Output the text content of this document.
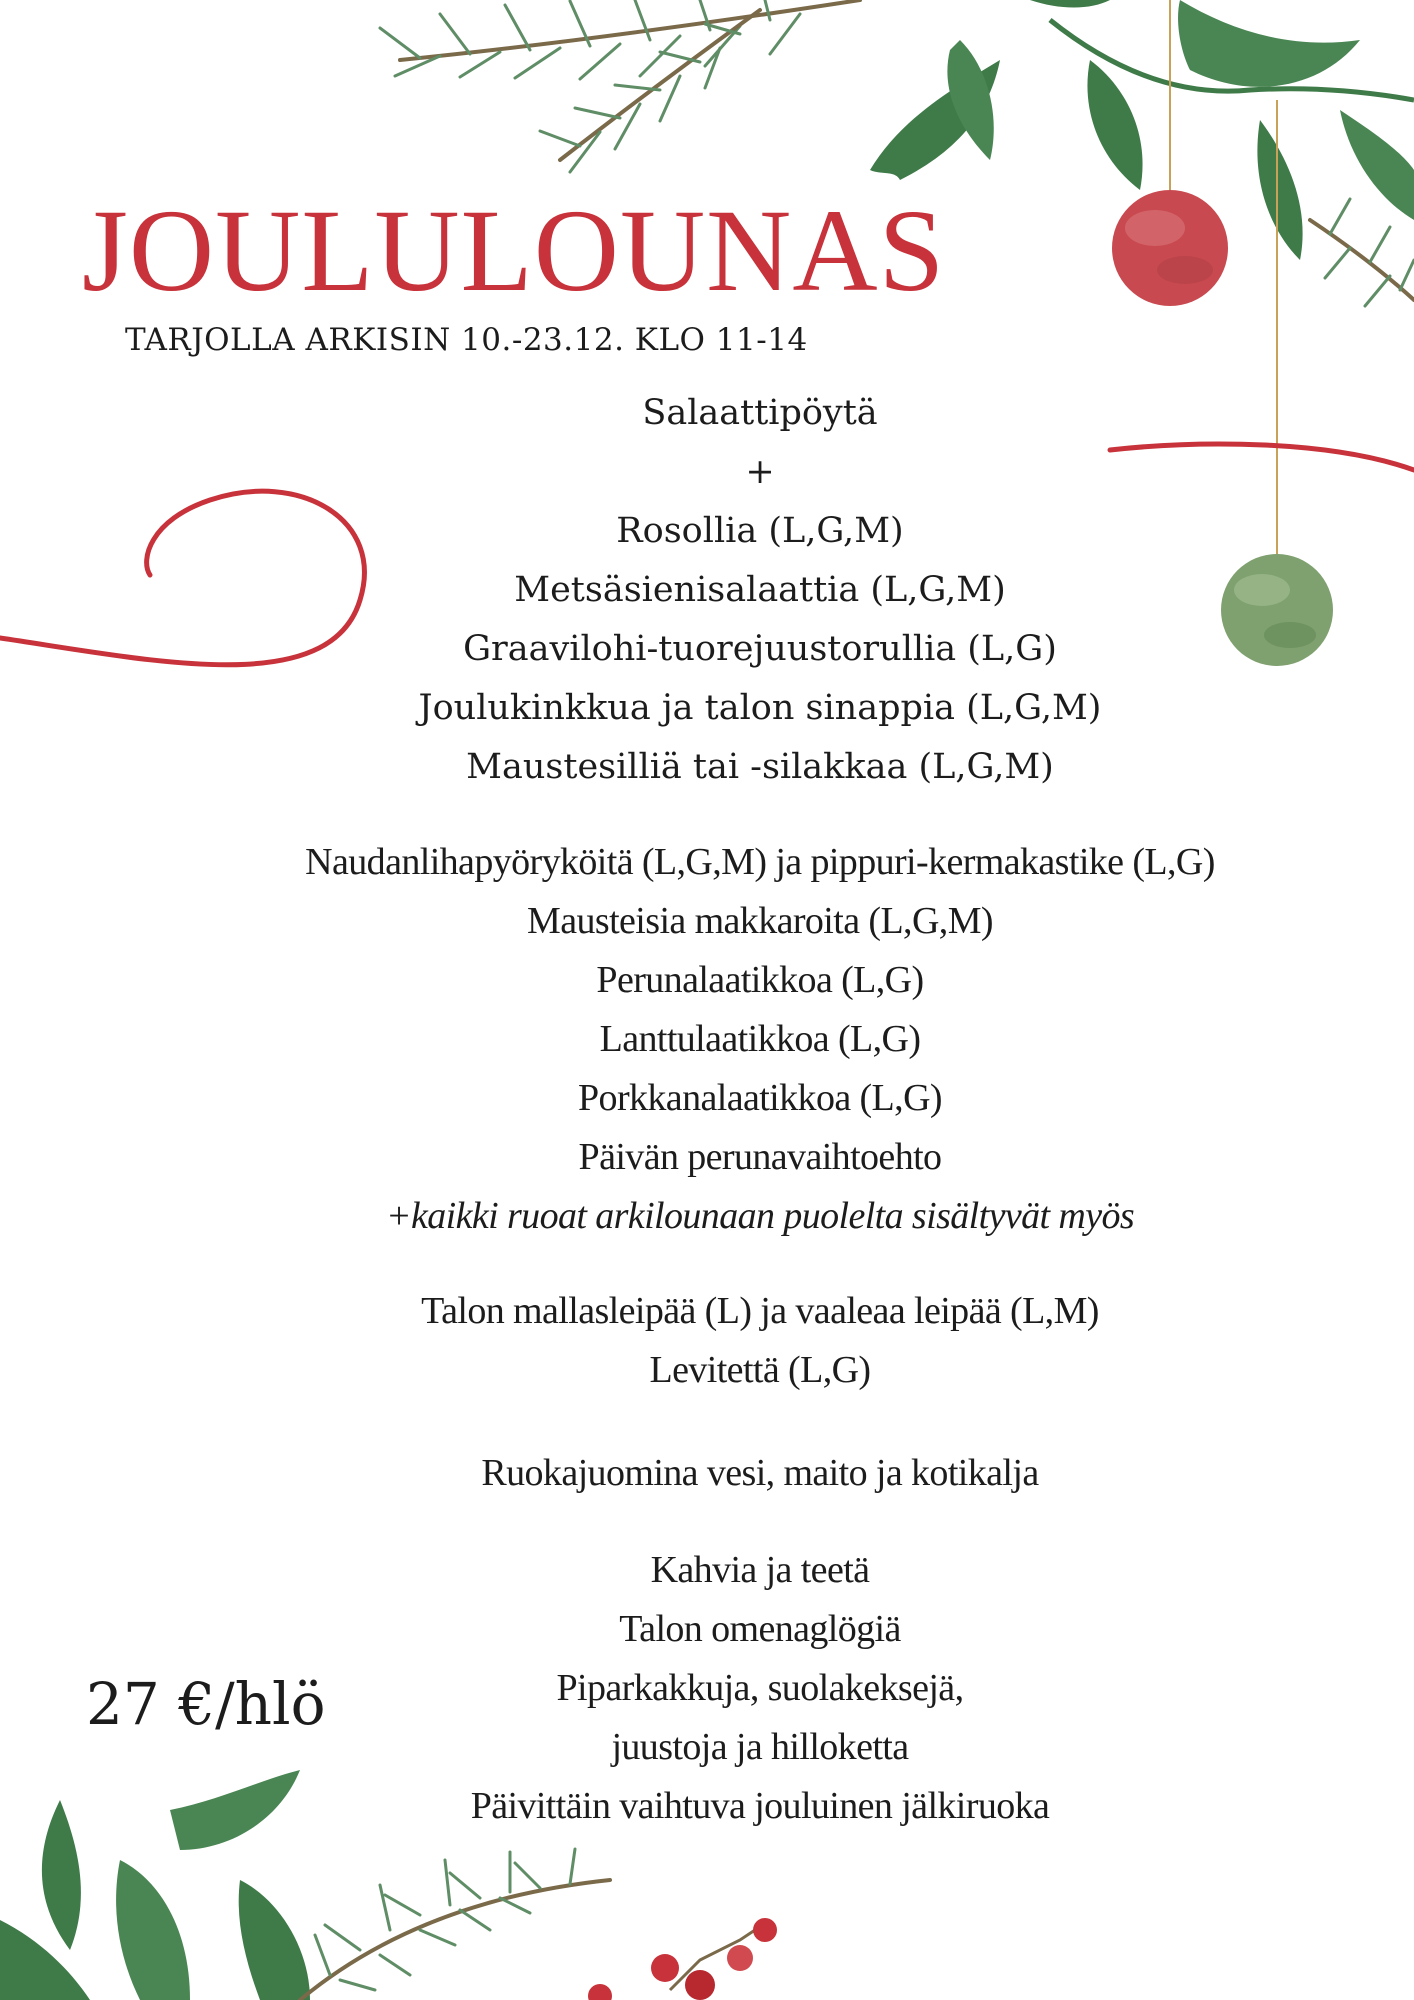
JOULULOUNAS
TARJOLLA ARKISIN 10.-23.12. KLO 11-14
Salaattipöytä
+
Rosollia (L,G,M)
Metsäsienisalaattia (L,G,M)
Graavilohi-tuorejuustorullia (L,G)
Joulukinkkua ja talon sinappia (L,G,M)
Maustesilliä tai -silakkaa (L,G,M)
Naudanlihapyöryköitä (L,G,M) ja pippuri-kermakastike (L,G)
Mausteisia makkaroita (L,G,M)
Perunalaatikkoa (L,G)
Lanttulaatikkoa (L,G)
Porkkanalaatikkoa (L,G)
Päivän perunavaihtoehto
+kaikki ruoat arkilounaan puolelta sisältyvät myös
Talon mallasleipää (L) ja vaaleaa leipää (L,M)
Levitettä (L,G)
Ruokajuomina vesi, maito ja kotikalja
Kahvia ja teetä
Talon omenaglögiä
Piparkakkuja, suolakeksejä,
juustoja ja hilloketta
Päivittäin vaihtuva jouluinen jälkiruoka
27 €/hlö
